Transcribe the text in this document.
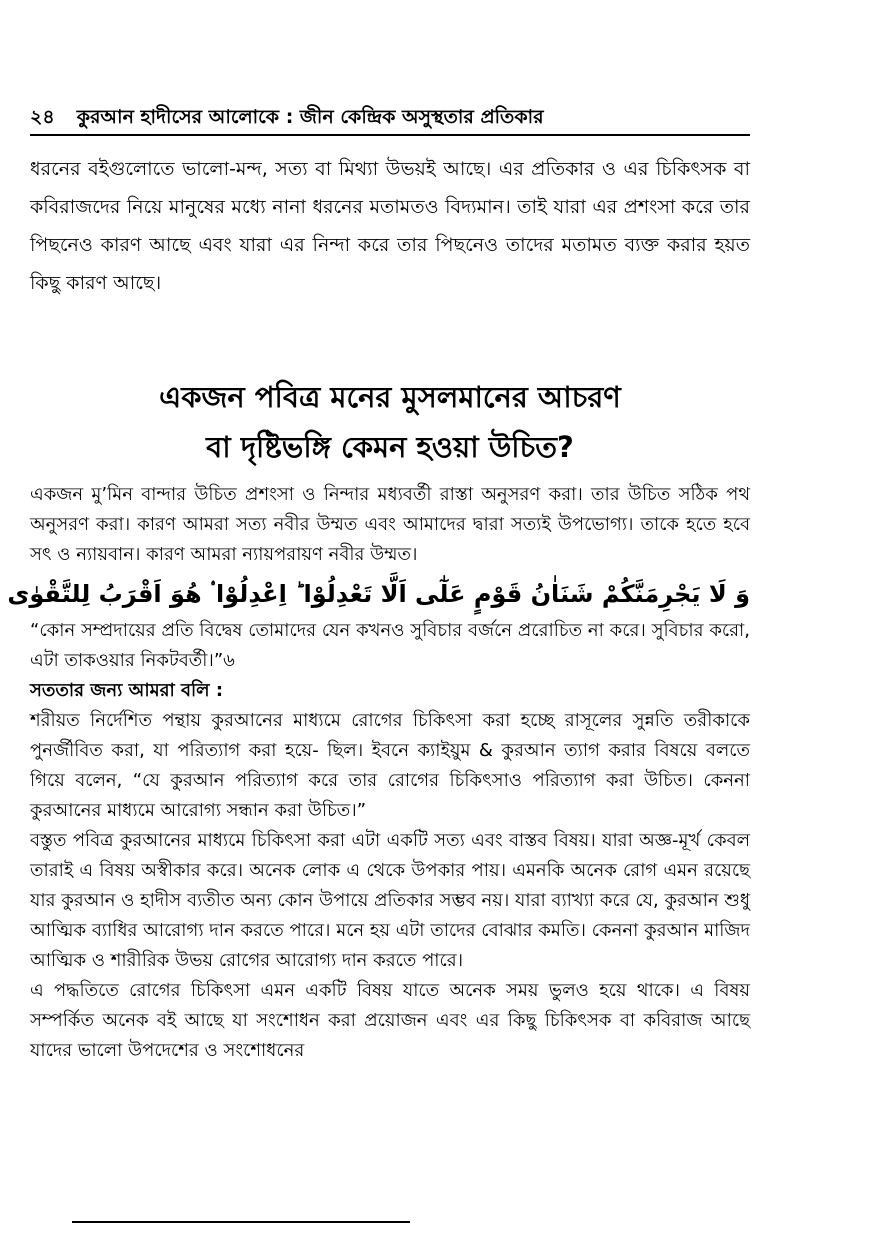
২৪ কুরআন হাদীসের আলোকে : জীন কেন্দ্রিক অসুস্থতার প্রতিকার

ধরনের বইগুলোতে ভালো-মন্দ, সত্য বা মিথ্যা উভয়ই আছে। এর প্রতিকার ও এর চিকিৎসক বা কবিরাজদের নিয়ে মানুষের মধ্যে নানা ধরনের মতামতও বিদ্যমান। তাই যারা এর প্রশংসা করে তার পিছনেও কারণ আছে এবং যারা এর নিন্দা করে তার পিছনেও তাদের মতামত ব্যক্ত করার হয়ত কিছু কারণ আছে।

একজন পবিত্র মনের মুসলমানের আচরণ
বা দৃষ্টিভঙ্গি কেমন হওয়া উচিত?

একজন মু’মিন বান্দার উচিত প্রশংসা ও নিন্দার মধ্যবর্তী রাস্তা অনুসরণ করা। তার উচিত সঠিক পথ অনুসরণ করা। কারণ আমরা সত্য নবীর উম্মত এবং আমাদের দ্বারা সত্যই উপভোগ্য। তাকে হতে হবে সৎ ও ন্যায়বান। কারণ আমরা ন্যায়পরায়ণ নবীর উম্মত।

وَ لَا يَجْرِمَنَّكُمْ شَنَاٰنُ قَوْمٍ عَلٰٓى اَلَّا تَعْدِلُوْا ؕ اِعْدِلُوْا ۟ هُوَ اَقْرَبُ لِلتَّقْوٰى

“কোন সম্প্রদায়ের প্রতি বিদ্বেষ তোমাদের যেন কখনও সুবিচার বর্জনে প্ররোচিত না করে। সুবিচার করো, এটা তাকওয়ার নিকটবর্তী।”৬

সততার জন্য আমরা বলি :

শরীয়ত নির্দেশিত পন্থায় কুরআনের মাধ্যমে রোগের চিকিৎসা করা হচ্ছে রাসূলের সুন্নতি তরীকাকে পুনর্জীবিত করা, যা পরিত্যাগ করা হয়ে- ছিল। ইবনে ক্যাইয়ুম & কুরআন ত্যাগ করার বিষয়ে বলতে গিয়ে বলেন, “যে কুরআন পরিত্যাগ করে তার রোগের চিকিৎসাও পরিত্যাগ করা উচিত। কেননা কুরআনের মাধ্যমে আরোগ্য সন্ধান করা উচিত।”

বস্তুত পবিত্র কুরআনের মাধ্যমে চিকিৎসা করা এটা একটি সত্য এবং বাস্তব বিষয়। যারা অজ্ঞ-মূর্খ কেবল তারাই এ বিষয় অস্বীকার করে। অনেক লোক এ থেকে উপকার পায়। এমনকি অনেক রোগ এমন রয়েছে যার কুরআন ও হাদীস ব্যতীত অন্য কোন উপায়ে প্রতিকার সম্ভব নয়। যারা ব্যাখ্যা করে যে, কুরআন শুধু আত্মিক ব্যাধির আরোগ্য দান করতে পারে। মনে হয় এটা তাদের বোঝার কমতি। কেননা কুরআন মাজিদ আত্মিক ও শারীরিক উভয় রোগের আরোগ্য দান করতে পারে।

এ পদ্ধতিতে রোগের চিকিৎসা এমন একটি বিষয় যাতে অনেক সময় ভুলও হয়ে থাকে। এ বিষয় সম্পর্কিত অনেক বই আছে যা সংশোধন করা প্রয়োজন এবং এর কিছু চিকিৎসক বা কবিরাজ আছে যাদের ভালো উপদেশের ও সংশোধনের
